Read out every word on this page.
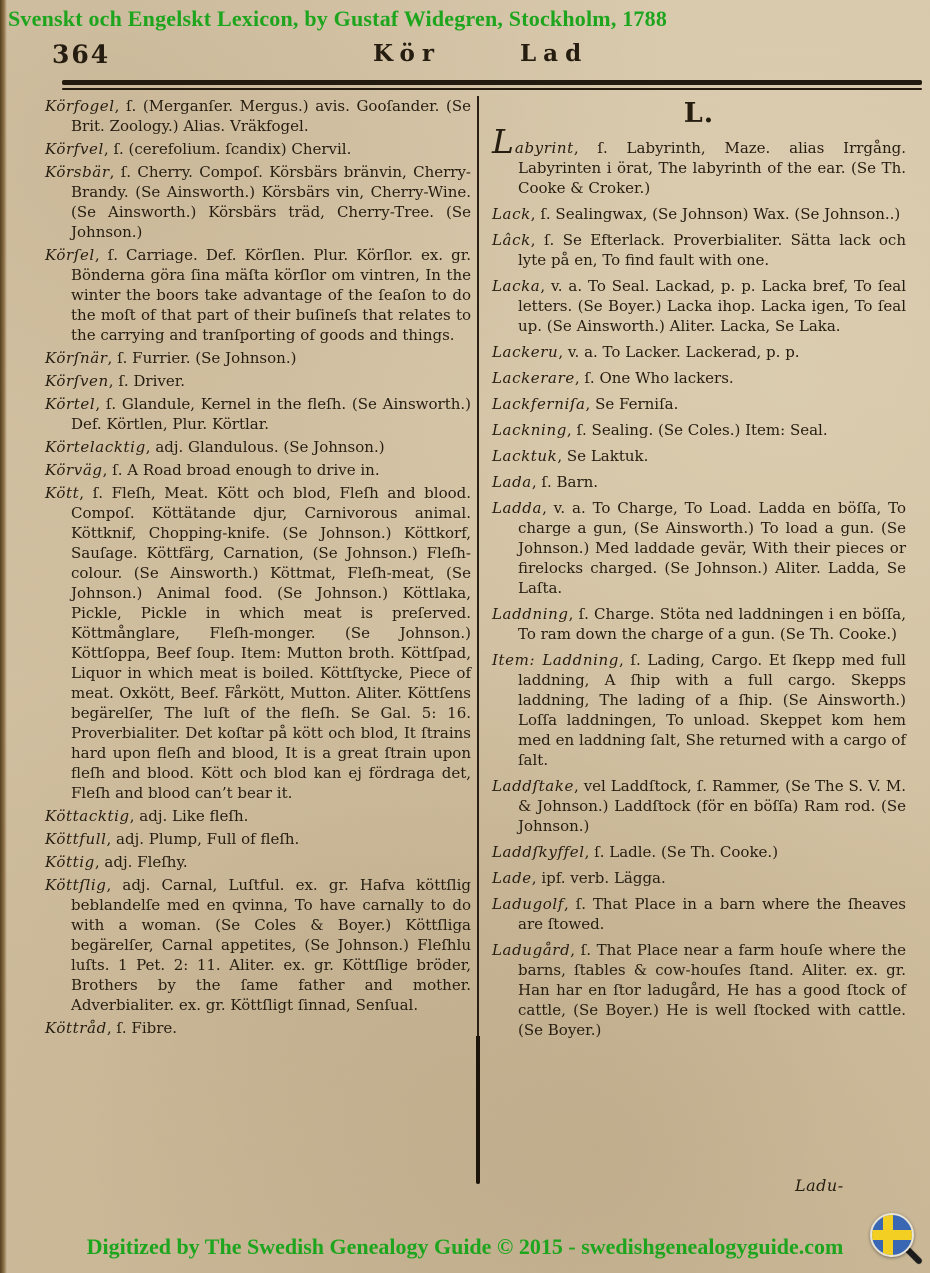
Svenskt och Engelskt Lexicon, by Gustaf Widegren, Stockholm, 1788
364	Kör	Lad

Körfogel, ſ. (Merganſer. Mergus.) avis. Gooſander. (Se Brit. Zoology.) Alias. Vräkfogel.

Körfvel, ſ. (cerefolium. ſcandix) Chervil.

Körsbär, ſ. Cherry. Compoſ. Körsbärs bränvin, Cherry-Brandy. (Se Ainsworth.) Körsbärs vin, Cherry-Wine. (Se Ainsworth.) Körsbärs träd, Cherry-Tree. (Se Johnson.)

Körſel, ſ. Carriage. Def. Körſlen. Plur. Körſlor. ex. gr. Bönderna göra ſina mäſta körſlor om vintren, In the winter the boors take advantage of the ſeaſon to do the moſt of that part of their buſineſs that relates to the carrying and tranſporting of goods and things.

Körſnär, ſ. Furrier. (Se Johnson.)

Körſven, ſ. Driver.

Körtel, ſ. Glandule, Kernel in the fleſh. (Se Ainsworth.) Def. Körtlen, Plur. Körtlar.

Körtelacktig, adj. Glandulous. (Se Johnson.)

Körväg, ſ. A Road broad enough to drive in.

Kött, ſ. Fleſh, Meat. Kött och blod, Fleſh and blood. Compoſ. Köttätande djur, Carnivorous animal. Köttknif, Chopping-knife. (Se Johnson.) Köttkorf, Sauſage. Köttfärg, Carnation, (Se Johnson.) Fleſh-colour. (Se Ainsworth.) Köttmat, Fleſh-meat, (Se Johnson.) Animal food. (Se Johnson.) Köttlaka, Pickle, Pickle in which meat is preſerved. Köttmånglare, Fleſh-monger. (Se Johnson.) Köttſoppa, Beef ſoup. Item: Mutton broth. Köttſpad, Liquor in which meat is boiled. Köttſtycke, Piece of meat. Oxkött, Beef. Fårkött, Mutton. Aliter. Köttſens begärelſer, The luſt of the fleſh. Se Gal. 5: 16. Proverbialiter. Det koſtar på kött och blod, It ſtrains hard upon fleſh and blood, It is a great ſtrain upon fleſh and blood. Kött och blod kan ej fördraga det, Fleſh and blood can’t bear it.

Köttacktig, adj. Like fleſh.

Köttfull, adj. Plump, Full of fleſh.

Köttig, adj. Fleſhy.

Köttſlig, adj. Carnal, Luſtful. ex. gr. Hafva köttſlig beblandelſe med en qvinna, To have carnally to do with a woman. (Se Coles & Boyer.) Köttſliga begärelſer, Carnal appetites, (Se Johnson.) Fleſhlu luſts. 1 Pet. 2: 11. Aliter. ex. gr. Köttſlige bröder, Brothers by the ſame father and mother. Adverbialiter. ex. gr. Köttſligt ſinnad, Senſual.

Köttråd, ſ. Fibre.

L.

Labyrint, ſ. Labyrinth, Maze. alias Irrgång. Labyrinten i örat, The labyrinth of the ear. (Se Th. Cooke & Croker.)

Lack, ſ. Sealingwax, (Se Johnson) Wax. (Se Johnson..)

Lâck, ſ. Se Efterlack. Proverbialiter. Sätta lack och lyte på en, To find fault with one.

Lacka, v. a. To Seal. Lackad, p. p. Lacka bref, To ſeal letters. (Se Boyer.) Lacka ihop. Lacka igen, To ſeal up. (Se Ainsworth.) Aliter. Lacka, Se Laka.

Lackeru, v. a. To Lacker. Lackerad, p. p.

Lackerare, ſ. One Who lackers.

Lackferniſa, Se Ferniſa.

Lackning, ſ. Sealing. (Se Coles.) Item: Seal.

Lacktuk, Se Laktuk.

Lada, ſ. Barn.

Ladda, v. a. To Charge, To Load. Ladda en böſſa, To charge a gun, (Se Ainsworth.) To load a gun. (Se Johnson.) Med laddade gevär, With their pieces or firelocks charged. (Se Johnson.) Aliter. Ladda, Se Laſta.

Laddning, ſ. Charge. Stöta ned laddningen i en böſſa, To ram down the charge of a gun. (Se Th. Cooke.)

Item: Laddning, ſ. Lading, Cargo. Et ſkepp med full laddning, A ſhip with a full cargo. Skepps laddning, The lading of a ſhip. (Se Ainsworth.) Loſſa laddningen, To unload. Skeppet kom hem med en laddning ſalt, She returned with a cargo of ſalt.

Laddſtake, vel Laddſtock, ſ. Rammer, (Se The S. V. M. & Johnson.) Laddſtock (för en böſſa) Ram rod. (Se Johnson.)

Laddſkyffel, ſ. Ladle. (Se Th. Cooke.)

Lade, ipf. verb. Lägga.

Ladugolf, ſ. That Place in a barn where the ſheaves are ſtowed.

Ladugård, ſ. That Place near a farm houſe where the barns, ſtables & cow-houſes ſtand. Aliter. ex. gr. Han har en ſtor ladugård, He has a good ſtock of cattle, (Se Boyer.) He is well ſtocked with cattle. (Se Boyer.)

Ladu-
Digitized by The Swedish Genealogy Guide © 2015 - swedishgenealogyguide.com
